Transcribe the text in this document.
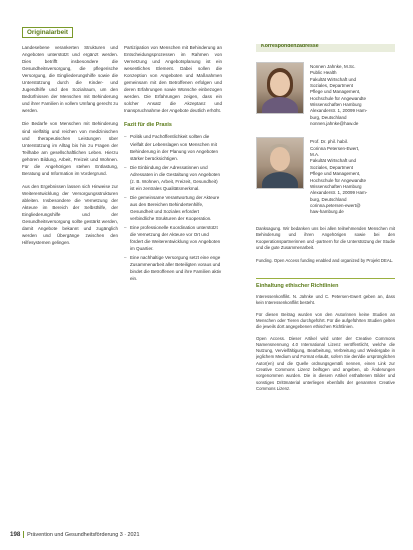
Originalarbeit

Landesebene verankerten Strukturen und Angeboten unterstützt und ergänzt werden. Dies betrifft insbesondere die Gesundheitsversorgung, die pflegerische Versorgung, die Eingliederungshilfe sowie die Unterstützung durch die Kinder- und Jugendhilfe und den Sozialraum, um den Bedürfnissen der Menschen mit Behinderung und ihrer Familien in vollem Umfang gerecht zu werden.

Die Bedarfe von Menschen mit Behinderung sind vielfältig und reichen von medizinischen und therapeutischen Leistungen über Unterstützung im Alltag bis hin zu Fragen der Teilhabe am gesellschaftlichen Leben. Hierzu gehören Bildung, Arbeit, Freizeit und Wohnen. Für die Angehörigen stehen Entlastung, Beratung und Information im Vordergrund.

Aus den Ergebnissen lassen sich Hinweise zur Weiterentwicklung der Versorgungsstrukturen ableiten. Insbesondere die Vernetzung der Akteure im Bereich der Selbsthilfe, der Eingliederungshilfe und der Gesundheitsversorgung sollte gestärkt werden, damit Angebote bekannt und zugänglich werden und Übergänge zwischen den Hilfesystemen gelingen.

Partizipation von Menschen mit Behinderung an Entscheidungsprozessen im Rahmen von Vernetzung und Angebotsplanung ist ein wesentliches Element. Dabei sollen die Konzeption von Angeboten und Maßnahmen gemeinsam mit den Betroffenen erfolgen und deren Erfahrungen sowie Wünsche einbezogen werden. Die Erfahrungen zeigen, dass ein solcher Ansatz die Akzeptanz und Inanspruchnahme der Angebote deutlich erhöht.

Fazit für die Praxis
– Politik und Fachöffentlichkeit sollten die Vielfalt der Lebenslagen von Menschen mit Behinderung in der Planung von Angeboten stärker berücksichtigen.
– Die Einbindung der Adressatinnen und Adressaten in die Gestaltung von Angeboten (z. B. Wohnen, Arbeit, Freizeit, Gesundheit) ist ein zentrales Qualitätsmerkmal.
– Die gemeinsame Verantwortung der Akteure aus den Bereichen Behindertenhilfe, Gesundheit und Soziales erfordert verbindliche Strukturen der Kooperation.
– Eine professionelle Koordination unterstützt die Vernetzung der Akteure vor Ort und fördert die Weiterentwicklung von Angeboten im Quartier.
– Eine nachhaltige Versorgung setzt eine enge Zusammenarbeit aller Beteiligten voraus und bindet die Betroffenen und ihre Familien aktiv ein.
Korrespondenzadresse
Nonnen Jahnke, M.Sc.
Public Health
Fakultät Wirtschaft und
Soziales, Department
Pflege und Management,
Hochschule für Angewandte
Wissenschaften Hamburg
Alexanderstr. 1, 20099 Ham-
burg, Deutschland
nonnen.jahnke@haw.de
Prof. Dr. phil. habil.
Corinna Petersen-Ewert,
M.A.
Fakultät Wirtschaft und
Soziales, Department
Pflege und Management,
Hochschule für Angewandte
Wissenschaften Hamburg
Alexanderstr. 1, 20099 Ham-
burg, Deutschland
corinna.petersen-ewert@
haw-hamburg.de

Danksagung. Wir bedanken uns bei allen teilnehmenden Menschen mit Behinderung und ihren Angehörigen sowie bei den Kooperationspartnerinnen und -partnern für die Unterstützung der Studie und die gute Zusammenarbeit.

Funding. Open Access funding enabled and organized by Projekt DEAL.

Einhaltung ethischer Richtlinien

Interessenkonflikt. N. Jahnke und C. Petersen-Ewert geben an, dass kein Interessenkonflikt besteht.

Für diesen Beitrag wurden von den Autorinnen keine Studien an Menschen oder Tieren durchgeführt. Für die aufgeführten Studien gelten die jeweils dort angegebenen ethischen Richtlinien.

Open Access. Dieser Artikel wird unter der Creative Commons Namensnennung 4.0 International Lizenz veröffentlicht, welche die Nutzung, Vervielfältigung, Bearbeitung, Verbreitung und Wiedergabe in jeglichem Medium und Format erlaubt, sofern Sie den/die ursprünglichen Autor(en) und die Quelle ordnungsgemäß nennen, einen Link zur Creative Commons Lizenz beifügen und angeben, ob Änderungen vorgenommen wurden. Die in diesem Artikel enthaltenen Bilder und sonstiges Drittmaterial unterliegen ebenfalls der genannten Creative Commons Lizenz.

198 Prävention und Gesundheitsförderung 3 · 2021
